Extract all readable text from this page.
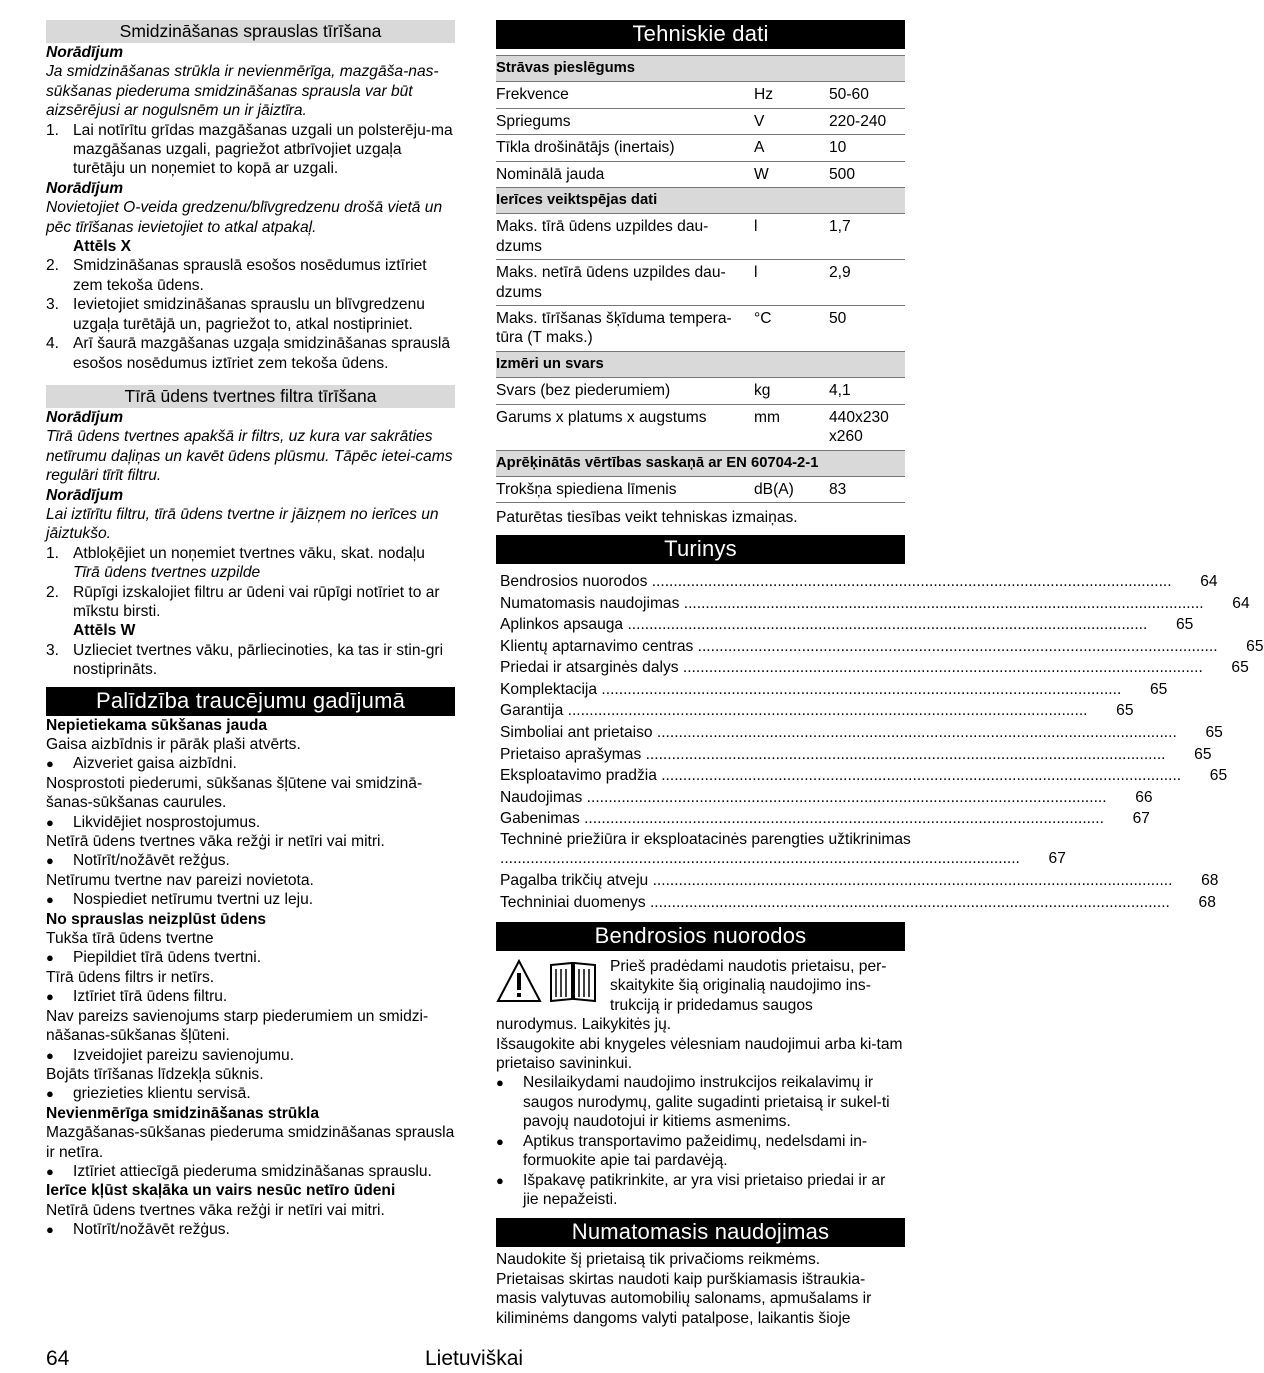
Smidzināšanas sprauslas tīrīšana
Norādījum
Ja smidzināšanas strūkla ir nevienmērīga, mazgāša-nas-sūkšanas piederuma smidzināšanas sprausla var būt aizsērējusi ar nogulsnēm un ir jāiztīra.
1. Lai notīrītu grīdas mazgāšanas uzgali un polsterēju-ma mazgāšanas uzgali, pagriežot atbrīvojiet uzgaļa turētāju un noņemiet to kopā ar uzgali.
Norādījum
Novietojiet O-veida gredzenu/blīvgredzenu drošā vietā un pēc tīrīšanas ievietojiet to atkal atpakaļ.
Attēls X
2. Smidzināšanas sprauslā esošos nosēdumus iztīriet zem tekoša ūdens.
3. Ievietojiet smidzināšanas sprauslu un blīvgredzenu uzgaļa turētājā un, pagriežot to, atkal nostipriniet.
4. Arī šaurā mazgāšanas uzgaļa smidzināšanas sprauslā esošos nosēdumus iztīriet zem tekoša ūdens.
Tīrā ūdens tvertnes filtra tīrīšana
Norādījum
Tīrā ūdens tvertnes apakšā ir filtrs, uz kura var sakrāties netīrumu daļiņas un kavēt ūdens plūsmu. Tāpēc ietei-cams regulāri tīrīt filtru.
Norādījum
Lai iztīrītu filtru, tīrā ūdens tvertne ir jāizņem no ierīces un jāiztukšo.
1. Atbloķējiet un noņemiet tvertnes vāku, skat. nodaļu
Tīrā ūdens tvertnes uzpilde
2. Rūpīgi izskalojiet filtru ar ūdeni vai rūpīgi notīriet to ar mīkstu birsti.
Attēls W
3. Uzlieciet tvertnes vāku, pārliecinoties, ka tas ir stin-gri nostiprināts.
Palīdzība traucējumu gadījumā
Nepietiekama sūkšanas jauda
Gaisa aizbīdnis ir pārāk plaši atvērts.
●	Aizveriet gaisa aizbīdni.
Nosprostoti piederumi, sūkšanas šļūtene vai smidzinā-šanas-sūkšanas caurules.
●	Likvidējiet nosprostojumus.
Netīrā ūdens tvertnes vāka režģi ir netīri vai mitri.
●	Notīrīt/nožāvēt režģus.
Netīrumu tvertne nav pareizi novietota.
●	Nospiediet netīrumu tvertni uz leju.
No sprauslas neizplūst ūdens
Tukša tīrā ūdens tvertne
●	Piepildiet tīrā ūdens tvertni.
Tīrā ūdens filtrs ir netīrs.
●	Iztīriet tīrā ūdens filtru.
Nav pareizs savienojums starp piederumiem un smidzi-nāšanas-sūkšanas šļūteni.
●	Izveidojiet pareizu savienojumu.
Bojāts tīrīšanas līdzekļa sūknis.
●	griezieties klientu servisā.
Nevienmērīga smidzināšanas strūkla
Mazgāšanas-sūkšanas piederuma smidzināšanas sprausla ir netīra.
●	Iztīriet attiecīgā piederuma smidzināšanas sprauslu.
Ierīce kļūst skaļāka un vairs nesūc netīro ūdeni
Netīrā ūdens tvertnes vāka režģi ir netīri vai mitri.
●	Notīrīt/nožāvēt režģus.
Tehniskie dati
Strāvas pieslēgums		
Frekvence	Hz	50-60
Spriegums	V	220-240
Tīkla drošinātājs (inertais)	A	10
Nominālā jauda	W	500
Ierīces veiktspējas dati		
Maks. tīrā ūdens uzpildes dau-dzums	l	1,7
Maks. netīrā ūdens uzpildes dau-dzums	l	2,9
Maks. tīrīšanas šķīduma tempera-tūra (T maks.)	°C	50
Izmēri un svars		
Svars (bez piederumiem)	kg	4,1
Garums x platums x augstums	mm	440x230 x260
Aprēķinātās vērtības saskaņā ar EN 60704-2-1		
Trokšņa spiediena līmenis	dB(A)	83
Paturētas tiesības veikt tehniskas izmaiņas.
Turinys
Bendrosios nuorodos ........................................................................................................................	64
Numatomasis naudojimas ........................................................................................................................	64
Aplinkos apsauga ........................................................................................................................	65
Klientų aptarnavimo centras ........................................................................................................................	65
Priedai ir atsarginės dalys ........................................................................................................................	65
Komplektacija ........................................................................................................................	65
Garantija ........................................................................................................................	65
Simboliai ant prietaiso ........................................................................................................................	65
Prietaiso aprašymas ........................................................................................................................	65
Eksploatavimo pradžia ........................................................................................................................	65
Naudojimas ........................................................................................................................	66
Gabenimas ........................................................................................................................	67
Techninė priežiūra ir eksploatacinės parengties užtikrinimas ........................................................................................................................	67
Pagalba trikčių atveju ........................................................................................................................	68
Techniniai duomenys ........................................................................................................................	68
Bendrosios nuorodos
Prieš pradėdami naudotis prietaisu, per-skaitykite šią originalią naudojimo ins-trukciją ir pridedamus saugos
nurodymus. Laikykitės jų.
Išsaugokite abi knygeles vėlesniam naudojimui arba ki-tam prietaiso savininkui.
●	Nesilaikydami naudojimo instrukcijos reikalavimų ir saugos nurodymų, galite sugadinti prietaisą ir sukel-ti pavojų naudotojui ir kitiems asmenims.
●	Aptikus transportavimo pažeidimų, nedelsdami in-formuokite apie tai pardavėją.
●	Išpakavę patikrinkite, ar yra visi prietaiso priedai ir ar jie nepažeisti.
Numatomasis naudojimas
Naudokite šį prietaisą tik privačioms reikmėms.
Prietaisas skirtas naudoti kaip purškiamasis ištraukia-masis valytuvas automobilių salonams, apmušalams ir kiliminėms dangoms valyti patalpose, laikantis šioje
64	Lietuviškai
